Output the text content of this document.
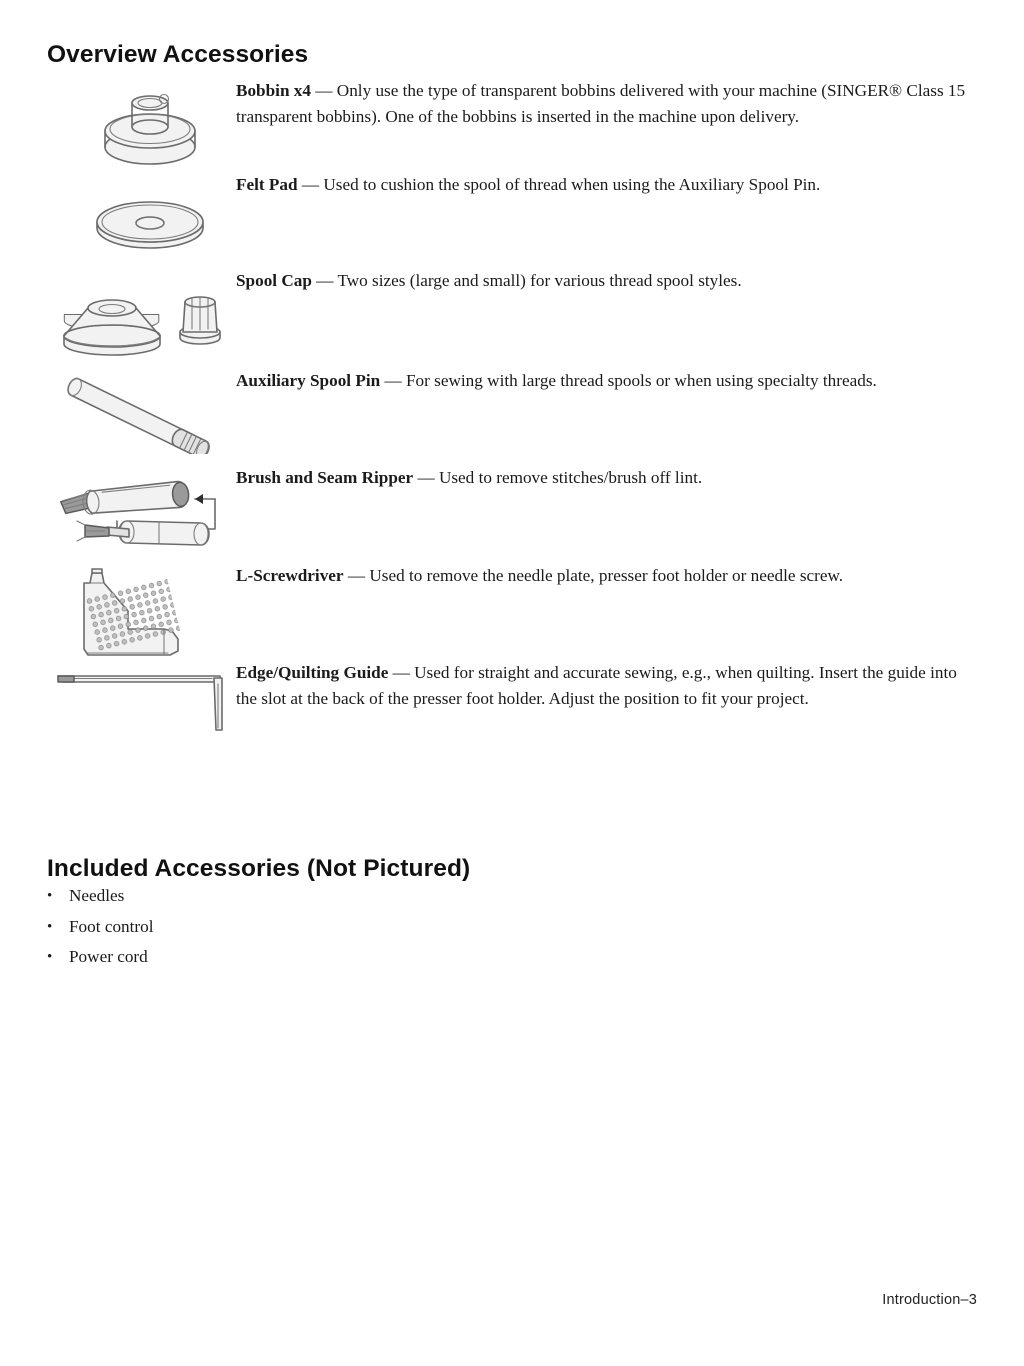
Overview Accessories
Bobbin x4 — Only use the type of transparent bobbins delivered with your machine (SINGER® Class 15 transparent bobbins). One of the bobbins is inserted in the machine upon delivery.
Felt Pad — Used to cushion the spool of thread when using the Auxiliary Spool Pin.
Spool Cap — Two sizes (large and small) for various thread spool styles.
Auxiliary Spool Pin — For sewing with large thread spools or when using specialty threads.
Brush and Seam Ripper — Used to remove stitches/brush off lint.
L-Screwdriver — Used to remove the needle plate, presser foot holder or needle screw.
Edge/Quilting Guide — Used for straight and accurate sewing, e.g., when quilting. Insert the guide into the slot at the back of the presser foot holder. Adjust the position to fit your project.
Included Accessories (Not Pictured)
• Needles
• Foot control
• Power cord
Introduction–3
